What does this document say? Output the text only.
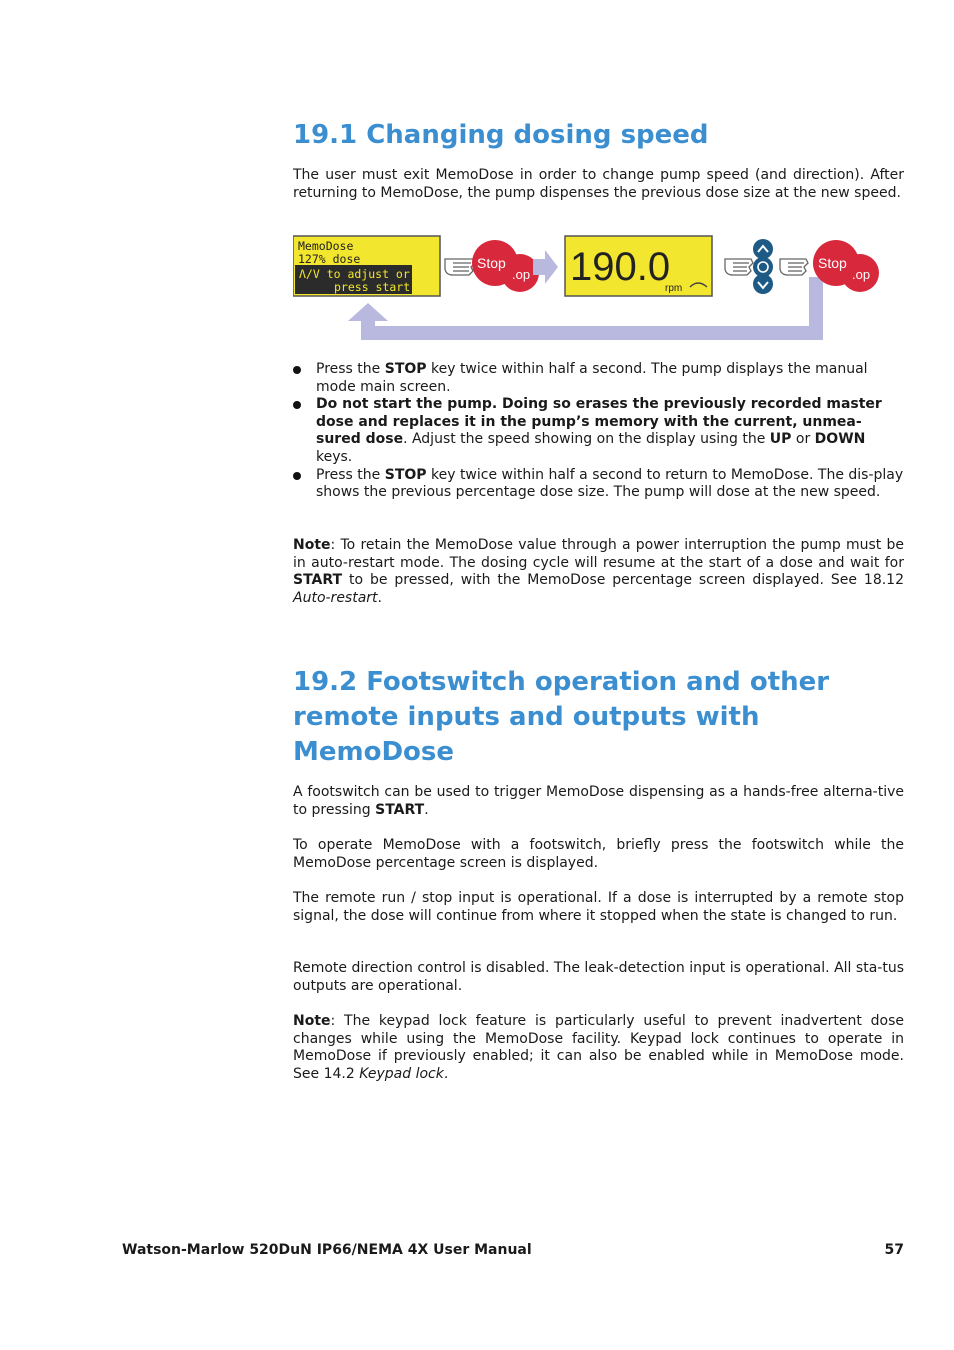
19.1 Changing dosing speed

The user must exit MemoDose in order to change pump speed (and direction). After returning to MemoDose, the pump dispenses the previous dose size at the new speed.

MemoDose
127% dose
Λ/V to adjust or
press start
Stop
.op 190.0
rpm
Stop
.op
Press the STOP key twice within half a second. The pump displays the manual mode main screen.
Do not start the pump. Doing so erases the previously recorded master dose and replaces it in the pump’s memory with the current, unmea-sured dose. Adjust the speed showing on the display using the UP or DOWN keys.
Press the STOP key twice within half a second to return to MemoDose. The dis-play shows the previous percentage dose size. The pump will dose at the new speed.

Note: To retain the MemoDose value through a power interruption the pump must be in auto-restart mode. The dosing cycle will resume at the start of a dose and wait for START to be pressed, with the MemoDose percentage screen displayed. See 18.12 Auto-restart.

19.2 Footswitch operation and other
remote inputs and outputs with
MemoDose

A footswitch can be used to trigger MemoDose dispensing as a hands-free alterna-tive to pressing START.

To operate MemoDose with a footswitch, briefly press the footswitch while the MemoDose percentage screen is displayed.

The remote run / stop input is operational. If a dose is interrupted by a remote stop signal, the dose will continue from where it stopped when the state is changed to run.

Remote direction control is disabled. The leak-detection input is operational. All sta-tus outputs are operational.

Note: The keypad lock feature is particularly useful to prevent inadvertent dose changes while using the MemoDose facility. Keypad lock continues to operate in MemoDose if previously enabled; it can also be enabled while in MemoDose mode. See 14.2 Keypad lock.

Watson-Marlow 520DuN IP66/NEMA 4X User Manual	57
